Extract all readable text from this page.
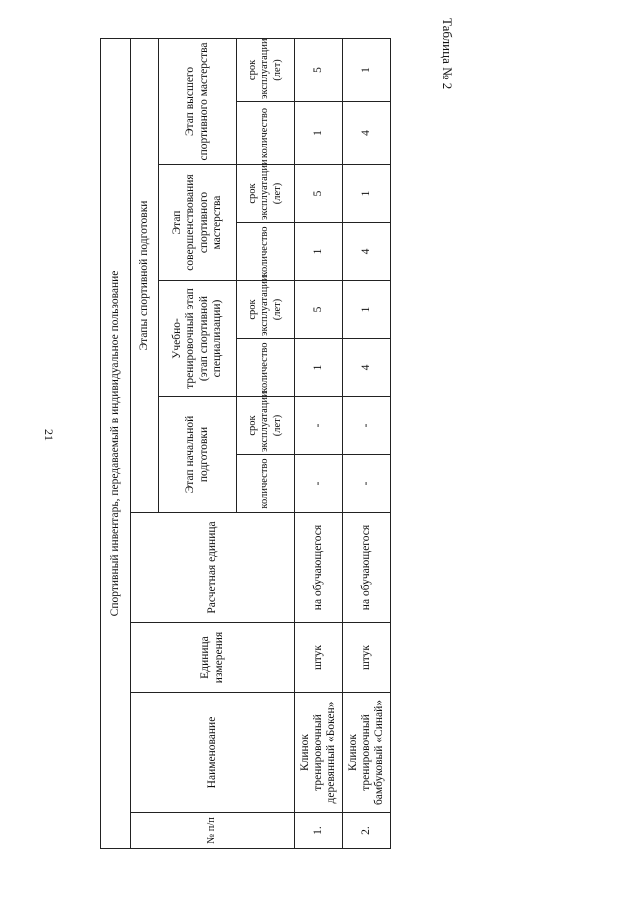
21
Таблица № 2
Спортивный инвентарь, передаваемый в индивидуальное пользование											
№ п/п	Наименование	Единица измерения	Расчетная единица	Этапы спортивной подготовки							
				Этап начальной подготовки		Учебно-тренировочный этап (этап спортивной специализации)		Этап совершенствования спортивного мастерства		Этап высшего спортивного мастерства	
				количество	срок эксплуатации (лет)	количество	срок эксплуатации (лет)	количество	срок эксплуатации (лет)	количество	срок эксплуатации (лет)
1.	Клинок тренировочный деревянный «Бокен»	штук	на обучающегося	-	-	1	5	1	5	1	5
2.	Клинок тренировочный бамбуковый «Синай»	штук	на обучающегося	-	-	4	1	4	1	4	1
